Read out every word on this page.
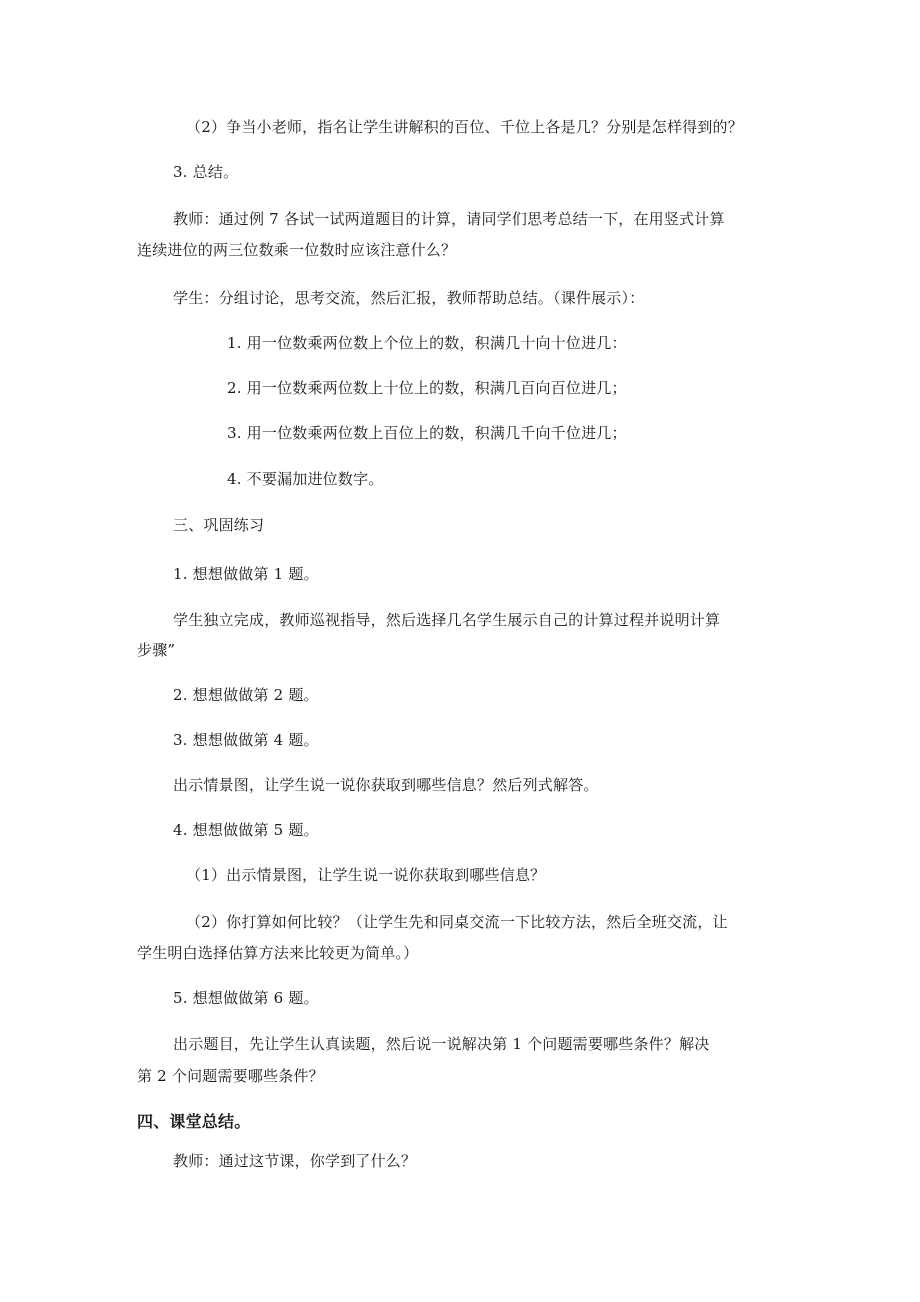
（2）争当小老师，指名让学生讲解积的百位、千位上各是几？分别是怎样得到的？
3. 总结。
教师：通过例 7 各试一试两道题目的计算，请同学们思考总结一下，在用竖式计算
连续进位的两三位数乘一位数时应该注意什么？
学生：分组讨论，思考交流，然后汇报，教师帮助总结。（课件展示）：
1. 用一位数乘两位数上个位上的数，积满几十向十位进几：
2. 用一位数乘两位数上十位上的数，积满几百向百位进几；
3. 用一位数乘两位数上百位上的数，积满几千向千位进几；
4. 不要漏加进位数字。
三、巩固练习
1. 想想做做第 1 题。
学生独立完成，教师巡视指导，然后选择几名学生展示自己的计算过程并说明计算
步骤”
2. 想想做做第 2 题。
3. 想想做做第 4 题。
出示情景图，让学生说一说你获取到哪些信息？然后列式解答。
4. 想想做做第 5 题。
（1）出示情景图，让学生说一说你获取到哪些信息？
（2）你打算如何比较？（让学生先和同桌交流一下比较方法，然后全班交流，让
学生明白选择估算方法来比较更为简单。）
5. 想想做做第 6 题。
出示题目，先让学生认真读题，然后说一说解决第 1 个问题需要哪些条件？解决
第 2 个问题需要哪些条件？
四、课堂总结。
教师：通过这节课，你学到了什么？
